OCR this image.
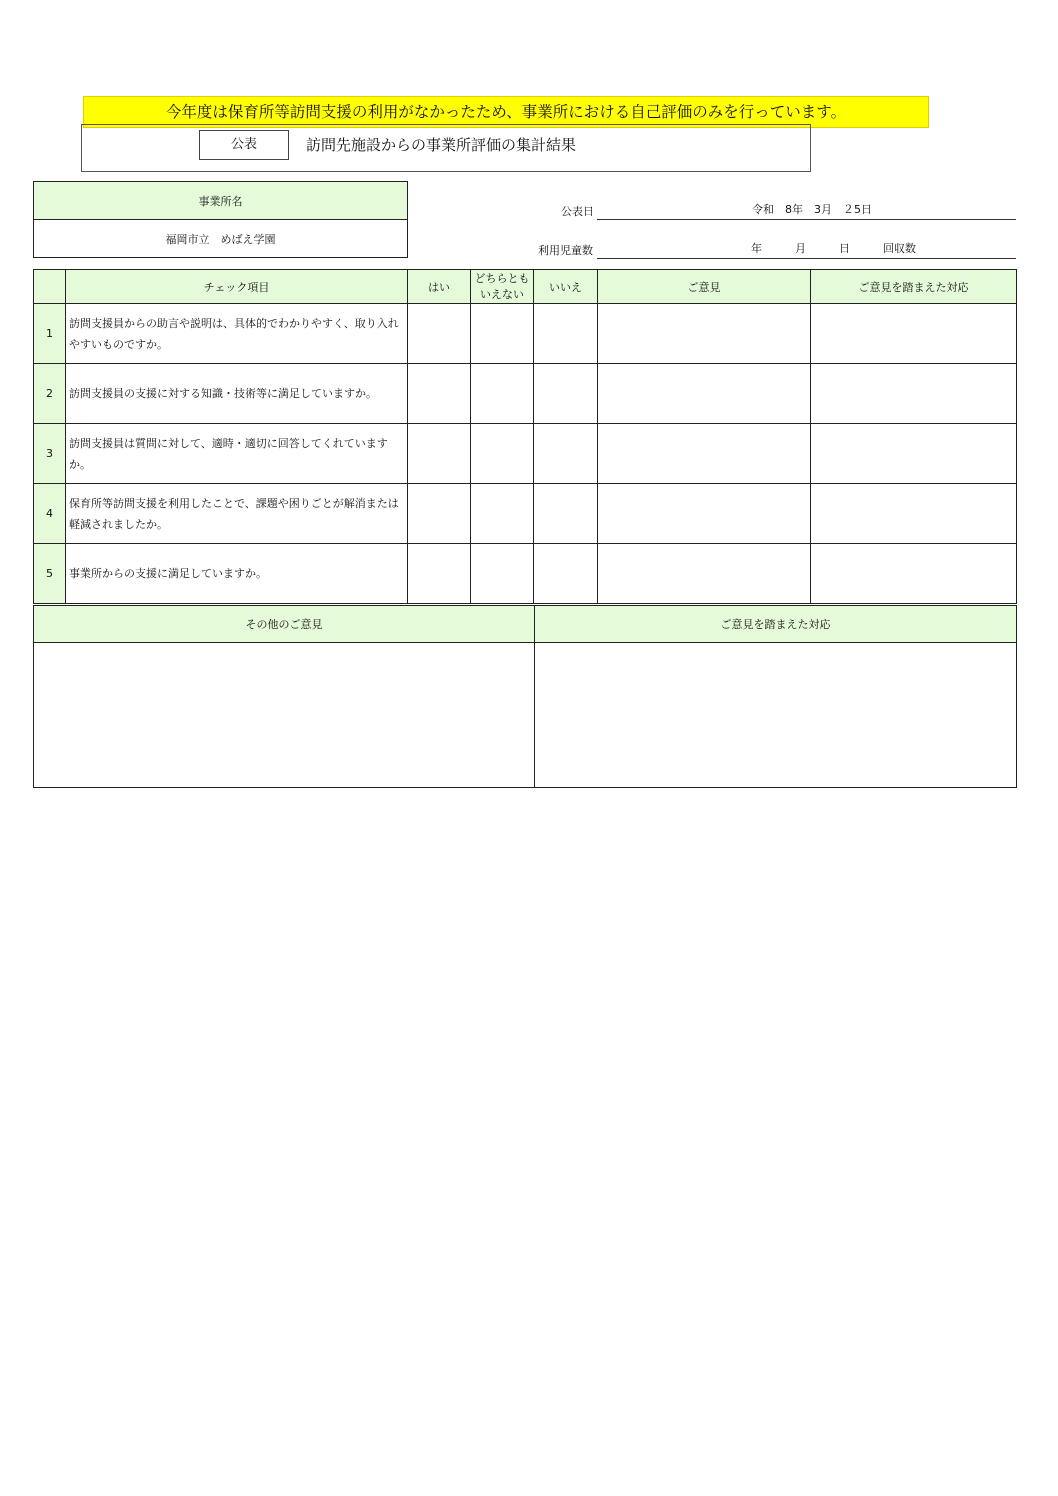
今年度は保育所等訪問支援の利用がなかったため、事業所における自己評価のみを行っています。
公表	訪問先施設からの事業所評価の集計結果
事業所名
福岡市立　めばえ学園
公表日	令和　8年　3月　２5日
利用児童数	年　　　月　　　日　　　回収数
	チェック項目	はい	どちらとも
いえない	いいえ	ご意見	ご意見を踏まえた対応
1	訪問支援員からの助言や説明は、具体的でわかりやすく、取り入れやすいものですか。					
2	訪問支援員の支援に対する知識・技術等に満足していますか。					
3	訪問支援員は質問に対して、適時・適切に回答してくれていますか。					
4	保育所等訪問支援を利用したことで、課題や困りごとが解消または軽減されましたか。					
5	事業所からの支援に満足していますか。					
その他のご意見	ご意見を踏まえた対応
